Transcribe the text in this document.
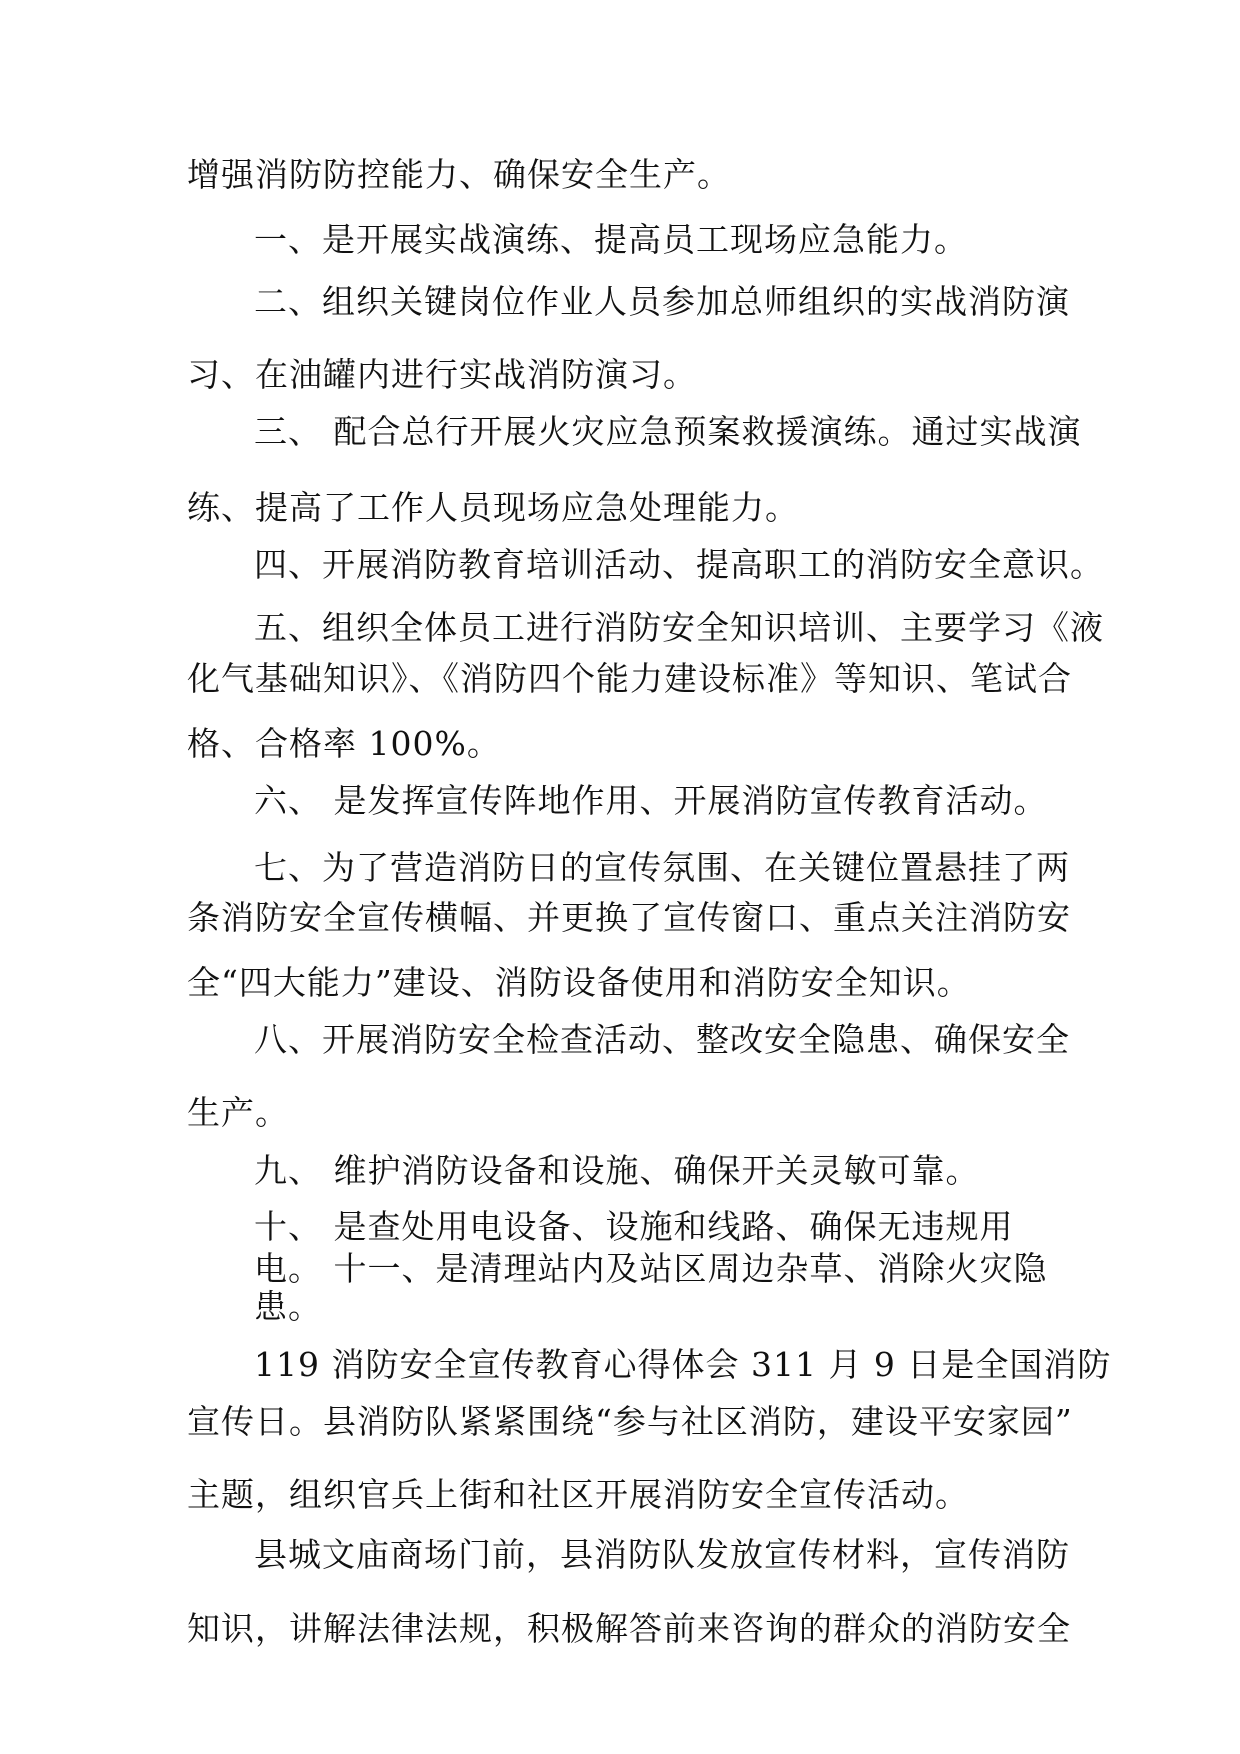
增强消防防控能力、确保安全生产。
一、是开展实战演练、提高员工现场应急能力。
二、组织关键岗位作业人员参加总师组织的实战消防演
习、在油罐内进行实战消防演习。
三、 配合总行开展火灾应急预案救援演练。通过实战演
练、提高了工作人员现场应急处理能力。
四、开展消防教育培训活动、提高职工的消防安全意识。
五、组织全体员工进行消防安全知识培训、主要学习《液
化气基础知识》、《消防四个能力建设标准》等知识、笔试合
格、合格率 100%。
六、 是发挥宣传阵地作用、开展消防宣传教育活动。
七、为了营造消防日的宣传氛围、在关键位置悬挂了两
条消防安全宣传横幅、并更换了宣传窗口、重点关注消防安
全“四大能力”建设、消防设备使用和消防安全知识。
八、开展消防安全检查活动、整改安全隐患、确保安全
生产。
九、 维护消防设备和设施、确保开关灵敏可靠。
十、 是查处用电设备、设施和线路、确保无违规用
电。 十一、是清理站内及站区周边杂草、消除火灾隐
患。
119 消防安全宣传教育心得体会 311 月 9 日是全国消防
宣传日。县消防队紧紧围绕“参与社区消防，建设平安家园”
主题，组织官兵上街和社区开展消防安全宣传活动。
县城文庙商场门前，县消防队发放宣传材料，宣传消防
知识，讲解法律法规，积极解答前来咨询的群众的消防安全
